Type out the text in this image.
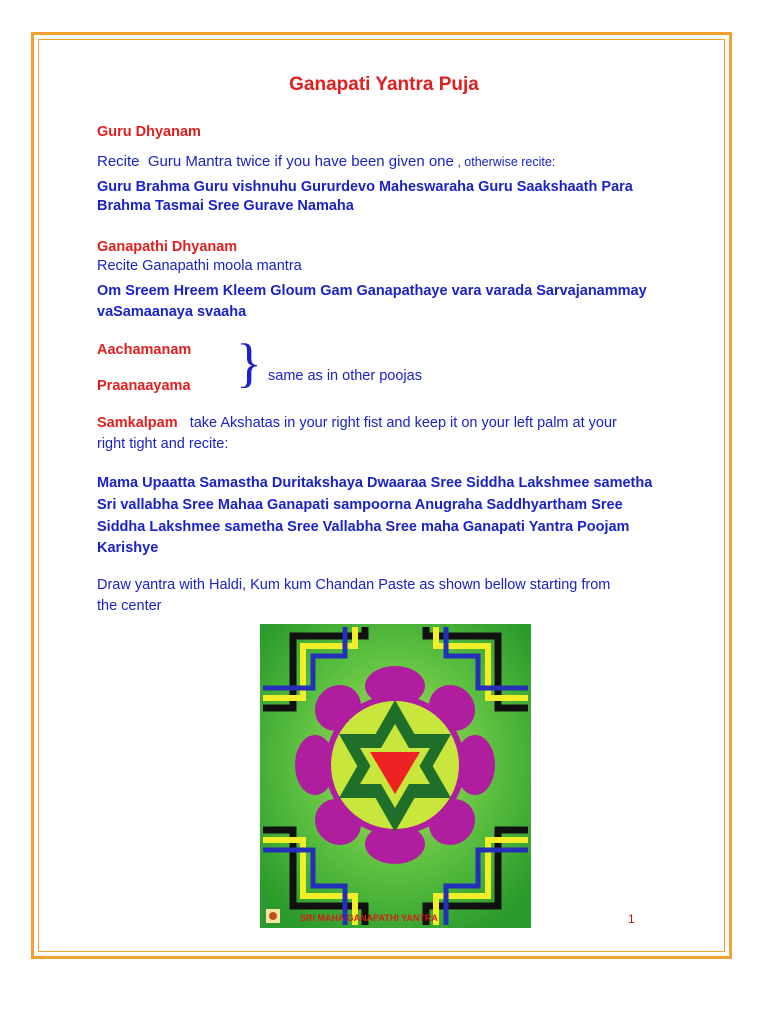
Ganapati Yantra Puja
Guru Dhyanam
Recite  Guru Mantra twice if you have been given one , otherwise recite:
Guru Brahma Guru vishnuhu Gururdevo Maheswaraha Guru Saakshaath Para
Brahma Tasmai Sree Gurave Namaha
Ganapathi Dhyanam
Recite Ganapathi moola mantra
Om Sreem Hreem Kleem Gloum Gam Ganapathaye vara varada Sarvajanammay
vaSamaanaya svaaha
Aachamanam
Praanaayama } same as in other poojas
Samkalpam   take Akshatas in your right fist and keep it on your left palm at your
right tight and recite:
Mama Upaatta Samastha Duritakshaya Dwaaraa Sree Siddha Lakshmee sametha
Sri vallabha Sree Mahaa Ganapati sampoorna Anugraha Saddhyartham Sree
Siddha Lakshmee sametha Sree Vallabha Sree maha Ganapati Yantra Poojam
Karishye
Draw yantra with Haldi, Kum kum Chandan Paste as shown bellow starting from
the center
SRI MAHA GANAPATHI YANTRA	1
